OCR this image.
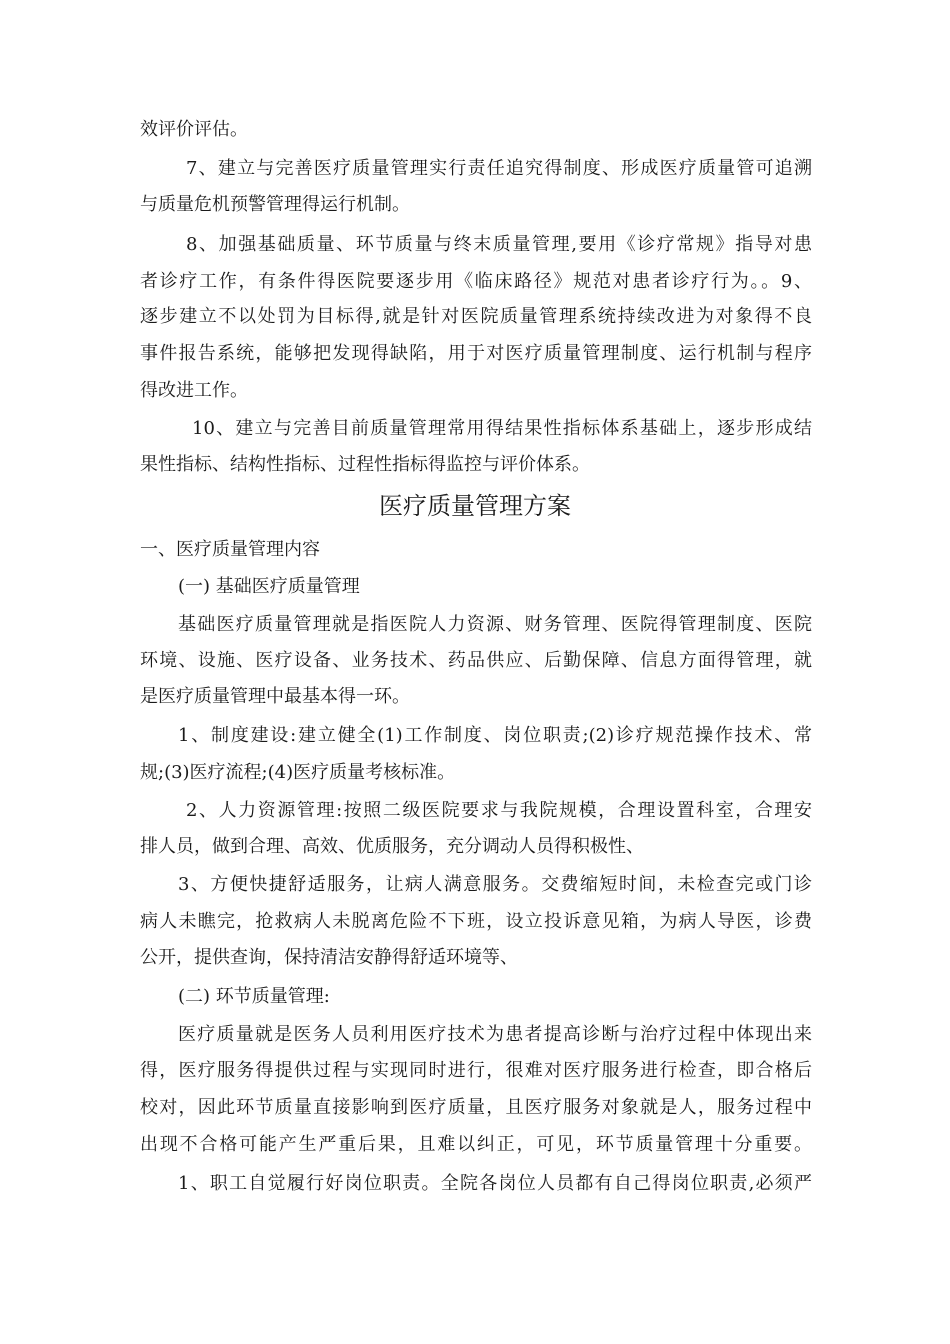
效评价评估。
7、建立与完善医疗质量管理实行责任追究得制度、形成医疗质量管可追溯
与质量危机预警管理得运行机制。
8、加强基础质量、环节质量与终末质量管理,要用《诊疗常规》指导对患
者诊疗工作，有条件得医院要逐步用《临床路径》规范对患者诊疗行为。。9、
逐步建立不以处罚为目标得,就是针对医院质量管理系统持续改进为对象得不良
事件报告系统，能够把发现得缺陷，用于对医疗质量管理制度、运行机制与程序
得改进工作。
10、建立与完善目前质量管理常用得结果性指标体系基础上，逐步形成结
果性指标、结构性指标、过程性指标得监控与评价体系。
医疗质量管理方案
一、医疗质量管理内容
(一) 基础医疗质量管理
基础医疗质量管理就是指医院人力资源、财务管理、医院得管理制度、医院
环境、设施、医疗设备、业务技术、药品供应、后勤保障、信息方面得管理，就
是医疗质量管理中最基本得一环。
1、制度建设:建立健全(1)工作制度、岗位职责;(2)诊疗规范操作技术、常
规;(3)医疗流程;(4)医疗质量考核标准。
2、人力资源管理:按照二级医院要求与我院规模，合理设置科室，合理安
排人员，做到合理、高效、优质服务，充分调动人员得积极性、
3、方便快捷舒适服务，让病人满意服务。交费缩短时间，未检查完或门诊
病人未瞧完，抢救病人未脱离危险不下班，设立投诉意见箱，为病人导医，诊费
公开，提供查询，保持清洁安静得舒适环境等、
(二) 环节质量管理:
医疗质量就是医务人员利用医疗技术为患者提高诊断与治疗过程中体现出来
得，医疗服务得提供过程与实现同时进行，很难对医疗服务进行检查，即合格后
校对，因此环节质量直接影响到医疗质量，且医疗服务对象就是人，服务过程中
出现不合格可能产生严重后果，且难以纠正，可见，环节质量管理十分重要。
1、职工自觉履行好岗位职责。全院各岗位人员都有自己得岗位职责,必须严
